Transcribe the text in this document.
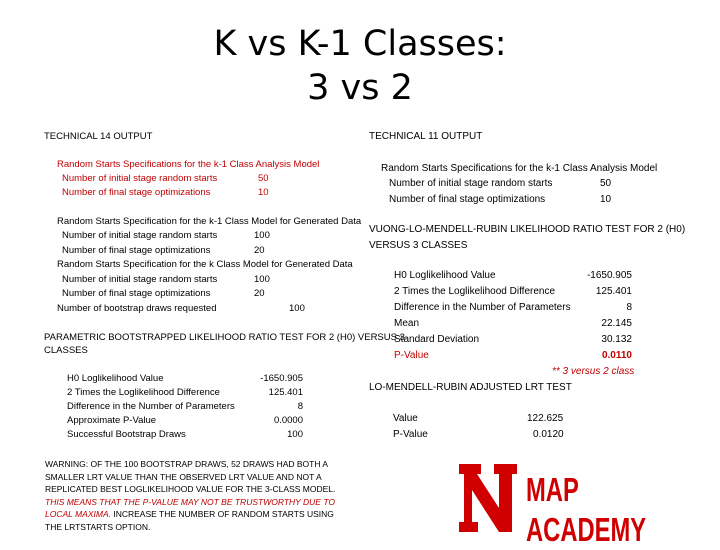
K vs K-1 Classes:
3 vs 2
TECHNICAL 14 OUTPUT
Random Starts Specifications for the k-1 Class Analysis Model
Number of initial stage random starts	50
Number of final stage optimizations	10
Random Starts Specification for the k-1 Class Model for Generated Data
Number of initial stage random starts	100
Number of final stage optimizations	20
Random Starts Specification for the k Class Model for Generated Data
Number of initial stage random starts	100
Number of final stage optimizations	20
Number of bootstrap draws requested	100
PARAMETRIC BOOTSTRAPPED LIKELIHOOD RATIO TEST FOR 2 (H0) VERSUS 3
CLASSES
H0 Loglikelihood Value	-1650.905
2 Times the Loglikelihood Difference	125.401
Difference in the Number of Parameters	8
Approximate P-Value	0.0000
Successful Bootstrap Draws	100
WARNING: OF THE 100 BOOTSTRAP DRAWS, 52 DRAWS HAD BOTH A SMALLER LRT VALUE THAN THE OBSERVED LRT VALUE AND NOT A REPLICATED BEST LOGLIKELIHOOD VALUE FOR THE 3-CLASS MODEL. THIS MEANS THAT THE P-VALUE MAY NOT BE TRUSTWORTHY DUE TO LOCAL MAXIMA. INCREASE THE NUMBER OF RANDOM STARTS USING THE LRTSTARTS OPTION.
TECHNICAL 11 OUTPUT
Random Starts Specifications for the k-1 Class Analysis Model
Number of initial stage random starts	50
Number of final stage optimizations	10
VUONG-LO-MENDELL-RUBIN LIKELIHOOD RATIO TEST FOR 2 (H0)
VERSUS 3 CLASSES
H0 Loglikelihood Value	-1650.905
2 Times the Loglikelihood Difference	125.401
Difference in the Number of Parameters	8
Mean	22.145
Standard Deviation	30.132
P-Value	0.0110
** 3 versus 2 class
LO-MENDELL-RUBIN ADJUSTED LRT TEST
Value	122.625
P-Value	0.0120
MAP ACADEMY
